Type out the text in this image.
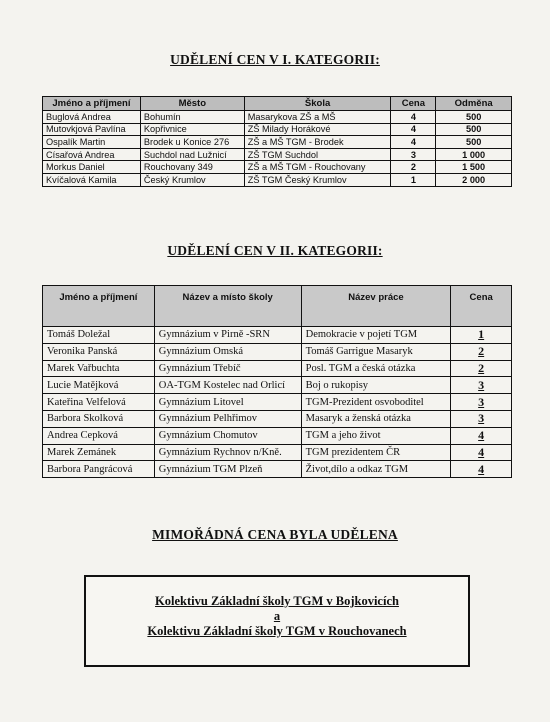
UDĚLENÍ CEN V I. KATEGORII:
Jméno a příjmení	Město	Škola	Cena	Odměna
Buglová Andrea	Bohumín	Masarykova ZŠ a MŠ	4	500
Mutovkjová Pavlína	Kopřivnice	ZŠ Milady Horákové	4	500
Ospalík Martin	Brodek u Konice 276	ZŠ a MŠ TGM - Brodek	4	500
Císařová Andrea	Suchdol nad Lužnicí	ZŠ TGM Suchdol	3	1 000
Morkus Daniel	Rouchovany 349	ZŠ a MŠ TGM - Rouchovany	2	1 500
Kvíčalová Kamila	Český Krumlov	ZŠ TGM Český Krumlov	1	2 000
UDĚLENÍ CEN V II. KATEGORII:
Jméno a příjmení	Název a místo školy	Název práce	Cena
Tomáš Doležal	Gymnázium v Pirně -SRN	Demokracie v pojetí TGM	1
Veronika Panská	Gymnázium Omská	Tomáš Garrigue Masaryk	2
Marek Vařbuchta	Gymnázium Třebíč	Posl. TGM a česká otázka	2
Lucie Matějková	OA-TGM Kostelec nad Orlicí	Boj o rukopisy	3
Kateřina Velfelová	Gymnázium Litovel	TGM-Prezident osvoboditel	3
Barbora Skolková	Gymnázium Pelhřimov	Masaryk a ženská otázka	3
Andrea Cepková	Gymnázium Chomutov	TGM a jeho život	4
Marek Zemánek	Gymnázium Rychnov n/Kně.	TGM prezidentem ČR	4
Barbora Pangrácová	Gymnázium TGM Plzeň	Život,dílo a odkaz TGM	4
MIMOŘÁDNÁ CENA BYLA UDĚLENA
Kolektivu Základní školy TGM v Bojkovicích
a
Kolektivu Základní školy TGM v Rouchovanech
